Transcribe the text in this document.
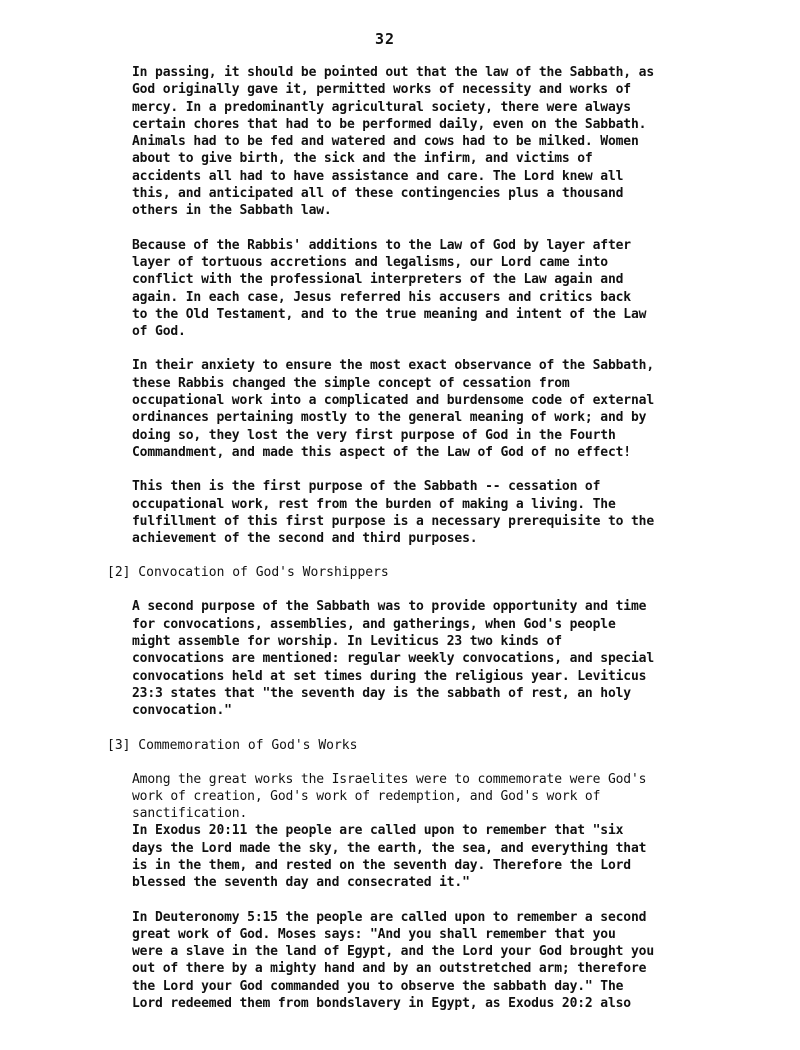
32

In passing, it should be pointed out that the law of the Sabbath, as
God originally gave it, permitted works of necessity and works of
mercy. In a predominantly agricultural society, there were always
certain chores that had to be performed daily, even on the Sabbath.
Animals had to be fed and watered and cows had to be milked. Women
about to give birth, the sick and the infirm, and victims of
accidents all had to have assistance and care. The Lord knew all
this, and anticipated all of these contingencies plus a thousand
others in the Sabbath law.

Because of the Rabbis' additions to the Law of God by layer after
layer of tortuous accretions and legalisms, our Lord came into
conflict with the professional interpreters of the Law again and
again. In each case, Jesus referred his accusers and critics back
to the Old Testament, and to the true meaning and intent of the Law
of God.

In their anxiety to ensure the most exact observance of the Sabbath,
these Rabbis changed the simple concept of cessation from
occupational work into a complicated and burdensome code of external
ordinances pertaining mostly to the general meaning of work; and by
doing so, they lost the very first purpose of God in the Fourth
Commandment, and made this aspect of the Law of God of no effect!

This then is the first purpose of the Sabbath -- cessation of
occupational work, rest from the burden of making a living. The
fulfillment of this first purpose is a necessary prerequisite to the
achievement of the second and third purposes.

[2] Convocation of God's Worshippers

A second purpose of the Sabbath was to provide opportunity and time
for convocations, assemblies, and gatherings, when God's people
might assemble for worship. In Leviticus 23 two kinds of
convocations are mentioned: regular weekly convocations, and special
convocations held at set times during the religious year. Leviticus
23:3 states that "the seventh day is the sabbath of rest, an holy
convocation."

[3] Commemoration of God's Works

Among the great works the Israelites were to commemorate were God's
work of creation, God's work of redemption, and God's work of
sanctification.

In Exodus 20:11 the people are called upon to remember that "six
days the Lord made the sky, the earth, the sea, and everything that
is in the them, and rested on the seventh day. Therefore the Lord
blessed the seventh day and consecrated it."

In Deuteronomy 5:15 the people are called upon to remember a second
great work of God. Moses says: "And you shall remember that you
were a slave in the land of Egypt, and the Lord your God brought you
out of there by a mighty hand and by an outstretched arm; therefore
the Lord your God commanded you to observe the sabbath day." The
Lord redeemed them from bondslavery in Egypt, as Exodus 20:2 also
